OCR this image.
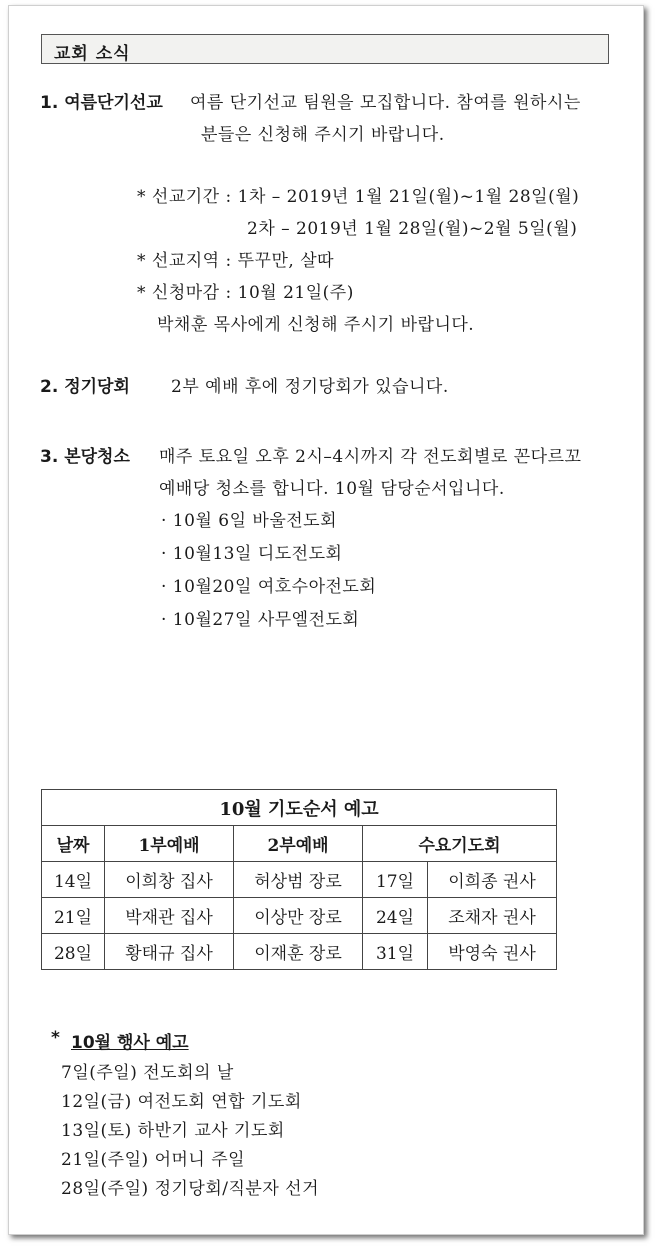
교회 소식
1. 여름단기선교 여름 단기선교 팀원을 모집합니다. 참여를 원하시는
분들은 신청해 주시기 바랍니다.
* 선교기간 : 1차 – 2019년 1월 21일(월)~1월 28일(월)
2차 – 2019년 1월 28일(월)~2월 5일(월)
* 선교지역 : 뚜꾸만, 살따
* 신청마감 : 10월 21일(주)
박채훈 목사에게 신청해 주시기 바랍니다.
2. 정기당회 2부 예배 후에 정기당회가 있습니다.
3. 본당청소 매주 토요일 오후 2시–4시까지 각 전도회별로 꼰다르꼬
예배당 청소를 합니다. 10월 담당순서입니다.
· 10월 6일 바울전도회
· 10월13일 디도전도회
· 10월20일 여호수아전도회
· 10월27일 사무엘전도회
10월 기도순서 예고				
날짜	1부예배	2부예배	수요기도회	
14일	이희창 집사	허상범 장로	17일	이희종 권사
21일	박재관 집사	이상만 장로	24일	조채자 권사
28일	황태규 집사	이재훈 장로	31일	박영숙 권사
* 10월 행사 예고
7일(주일) 전도회의 날
12일(금) 여전도회 연합 기도회
13일(토) 하반기 교사 기도회
21일(주일) 어머니 주일
28일(주일) 정기당회/직분자 선거
